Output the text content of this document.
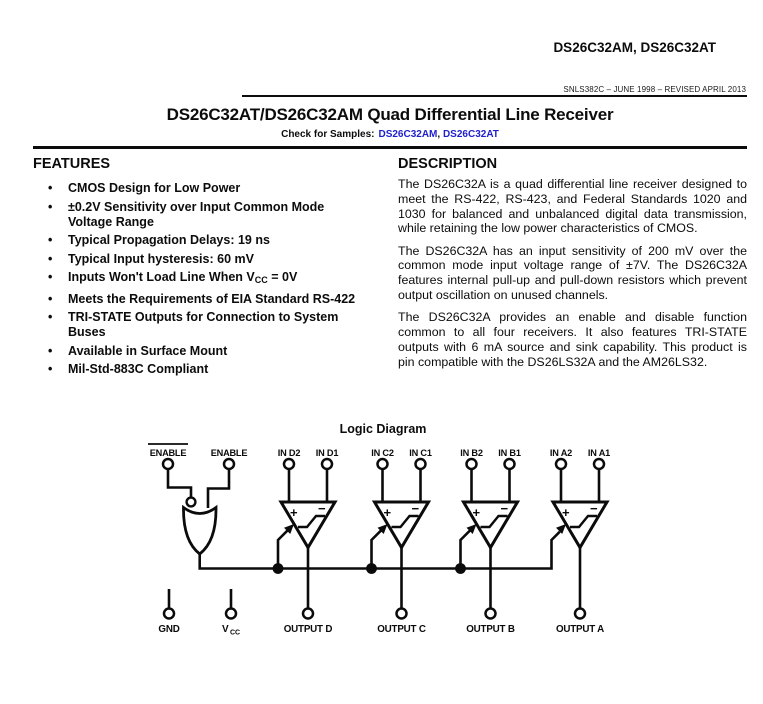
DS26C32AM, DS26C32AT
SNLS382C – JUNE 1998 – REVISED APRIL 2013
DS26C32AT/DS26C32AM Quad Differential Line Receiver
Check for Samples: DS26C32AM, DS26C32AT
FEATURES
• CMOS Design for Low Power
• ±0.2V Sensitivity over Input Common Mode Voltage Range
• Typical Propagation Delays: 19 ns
• Typical Input hysteresis: 60 mV
• Inputs Won't Load Line When $V_{CC} = 0V$
• Meets the Requirements of EIA Standard RS-422
• TRI-STATE Outputs for Connection to System Buses
• Available in Surface Mount
• Mil-Std-883C Compliant
DESCRIPTION

The DS26C32A is a quad differential line receiver designed to meet the RS-422, RS-423, and Federal Standards 1020 and 1030 for balanced and unbalanced digital data transmission, while retaining the low power characteristics of CMOS.

The DS26C32A has an input sensitivity of 200 mV over the common mode input voltage range of ±7V. The DS26C32A features internal pull-up and pull-down resistors which prevent output oscillation on unused channels.

The DS26C32A provides an enable and disable function common to all four receivers. It also features TRI-STATE outputs with 6 mA source and sink capability. This product is pin compatible with the DS26LS32A and the AM26LS32.

Logic Diagram
+ −	+ −	+ −	+ −
ENABLE	ENABLE	IN D2 IN D1	IN C2 IN C1	IN B2 IN B1	IN A2 IN A1
GND	OUTPUT D	OUTPUT C	OUTPUT B	OUTPUT A
V CC
